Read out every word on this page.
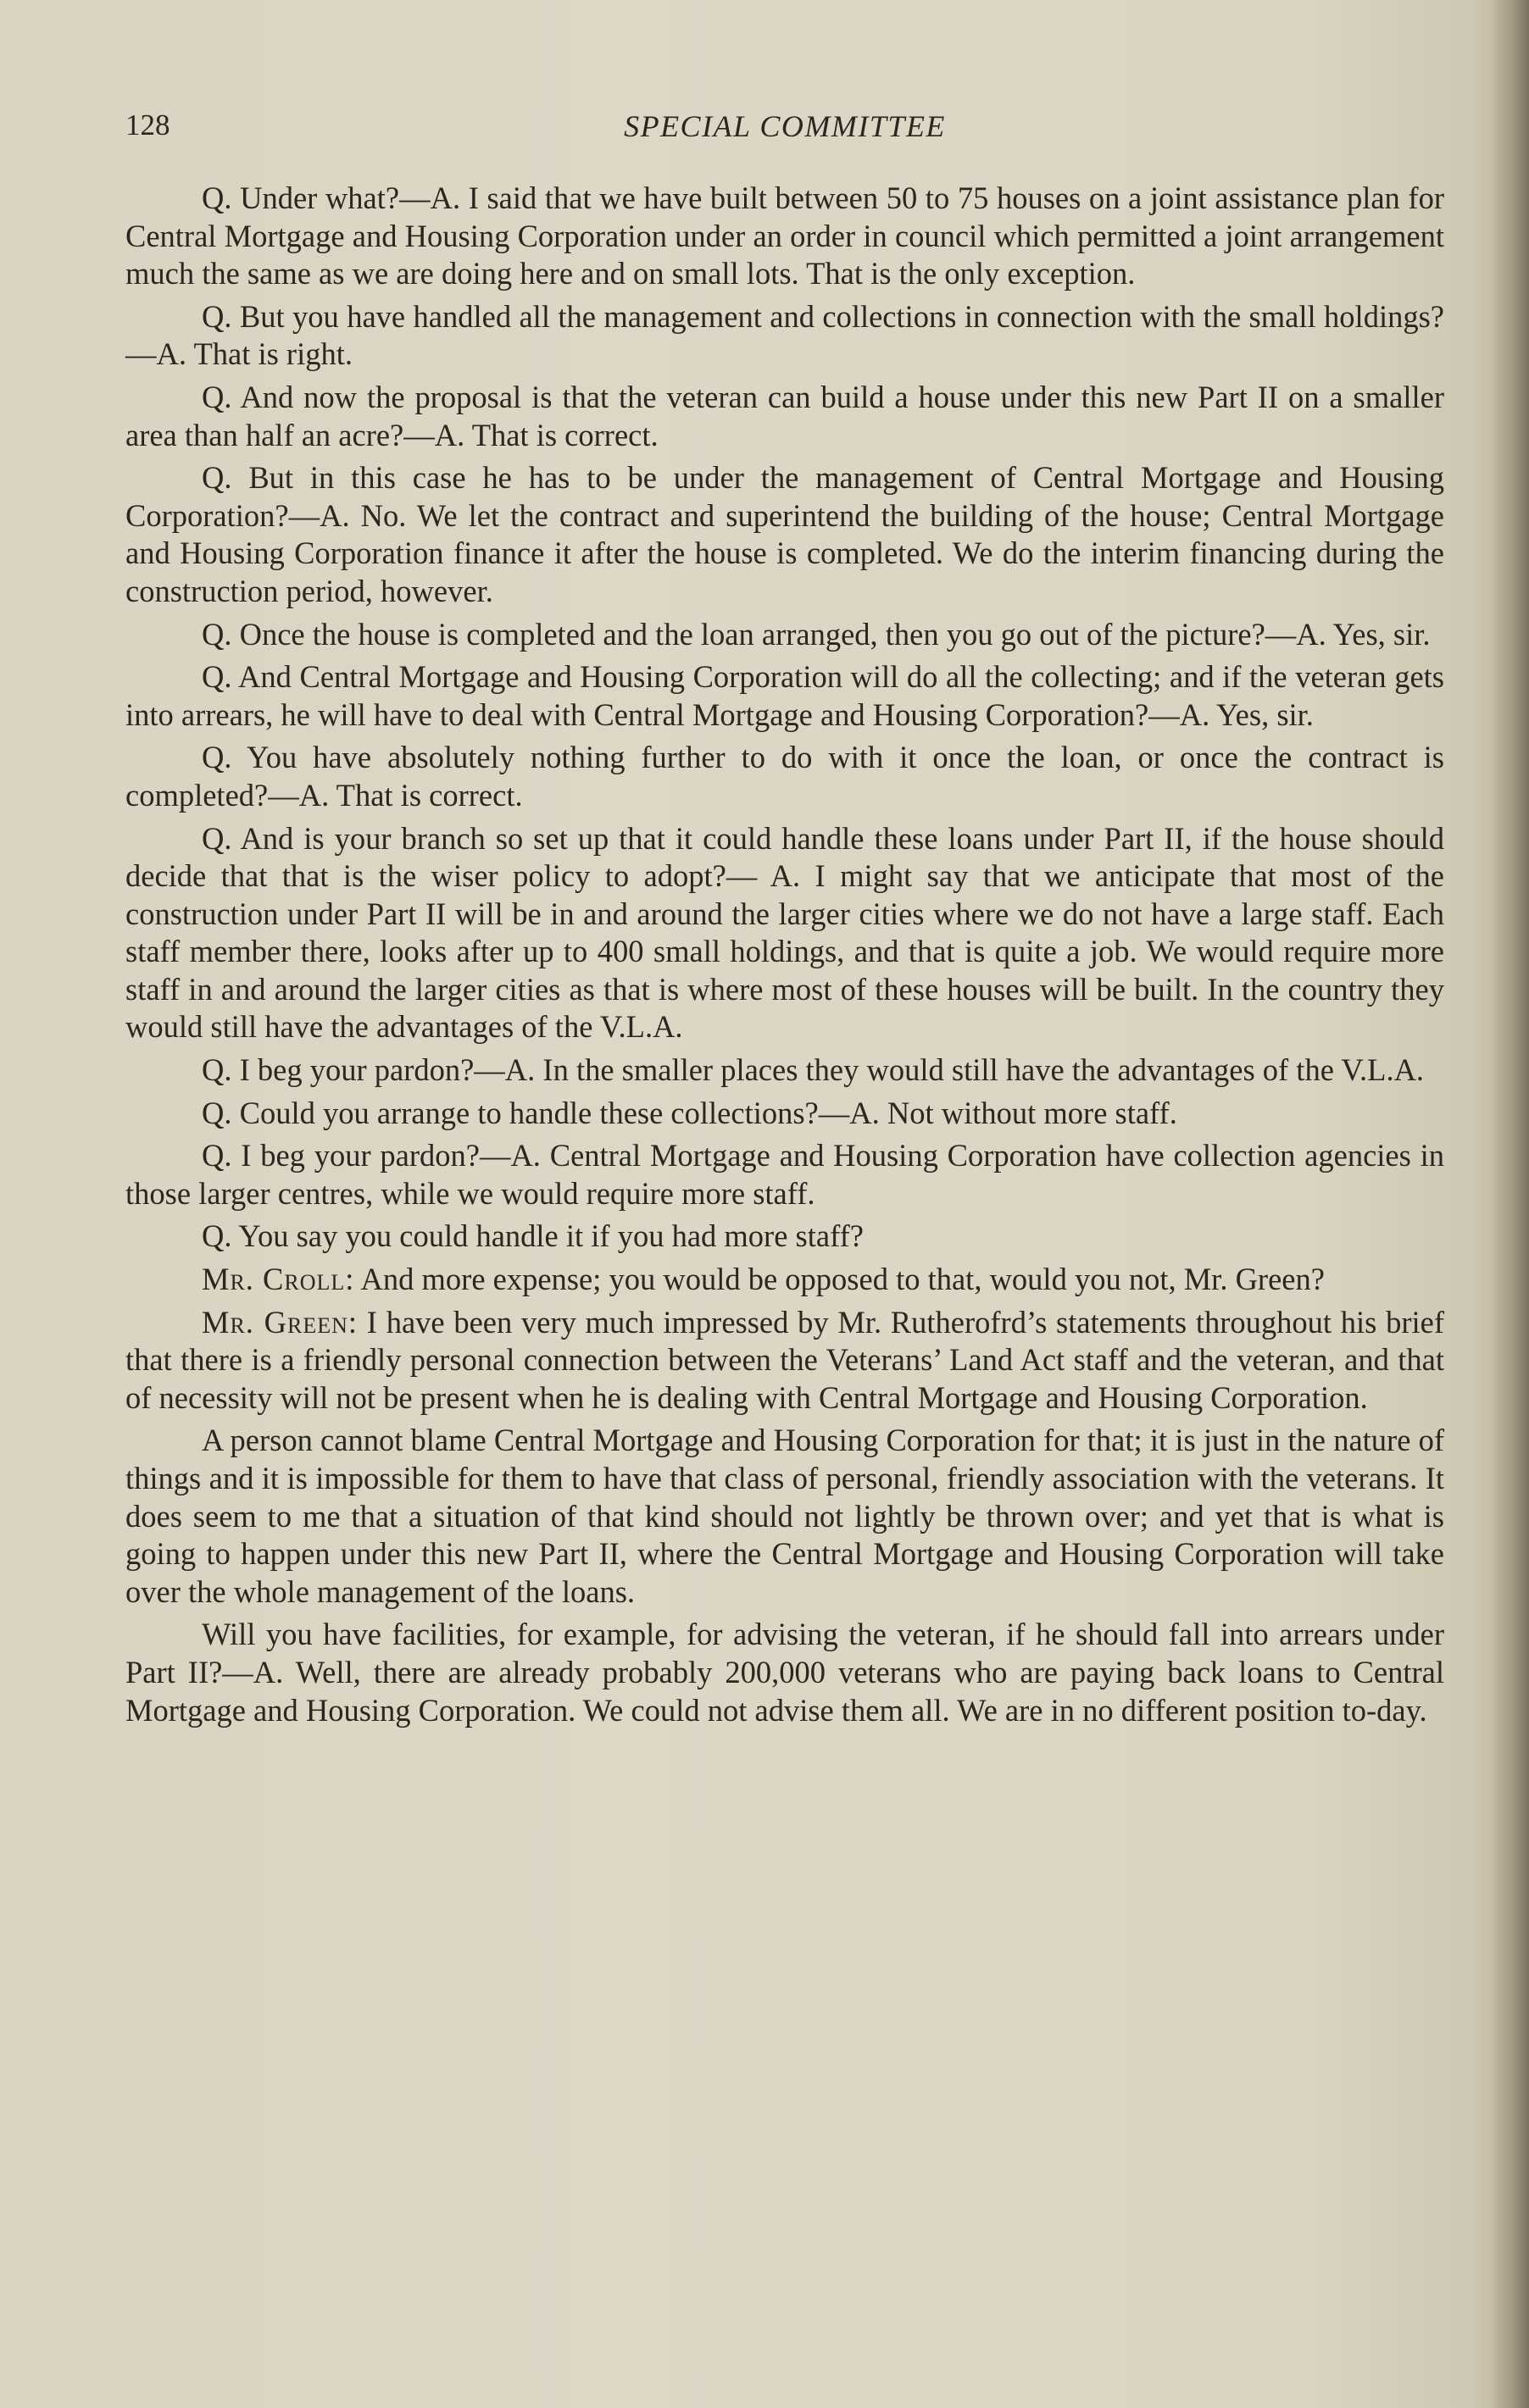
128	SPECIAL COMMITTEE

Q. Under what?—A. I said that we have built between 50 to 75 houses on a joint assistance plan for Central Mortgage and Housing Corporation under an order in council which permitted a joint arrangement much the same as we are doing here and on small lots. That is the only exception.

Q. But you have handled all the management and collections in connection with the small holdings?—A. That is right.

Q. And now the proposal is that the veteran can build a house under this new Part II on a smaller area than half an acre?—A. That is correct.

Q. But in this case he has to be under the management of Central Mortgage and Housing Corporation?—A. No. We let the contract and superintend the building of the house; Central Mortgage and Housing Corporation finance it after the house is completed. We do the interim financing during the construction period, however.

Q. Once the house is completed and the loan arranged, then you go out of the picture?—A. Yes, sir.

Q. And Central Mortgage and Housing Corporation will do all the collecting; and if the veteran gets into arrears, he will have to deal with Central Mortgage and Housing Corporation?—A. Yes, sir.

Q. You have absolutely nothing further to do with it once the loan, or once the contract is completed?—A. That is correct.

Q. And is your branch so set up that it could handle these loans under Part II, if the house should decide that that is the wiser policy to adopt?— A. I might say that we anticipate that most of the construction under Part II will be in and around the larger cities where we do not have a large staff. Each staff member there, looks after up to 400 small holdings, and that is quite a job. We would require more staff in and around the larger cities as that is where most of these houses will be built. In the country they would still have the advantages of the V.L.A.

Q. I beg your pardon?—A. In the smaller places they would still have the advantages of the V.L.A.

Q. Could you arrange to handle these collections?—A. Not without more staff.

Q. I beg your pardon?—A. Central Mortgage and Housing Corporation have collection agencies in those larger centres, while we would require more staff.

Q. You say you could handle it if you had more staff?

Mr. Croll: And more expense; you would be opposed to that, would you not, Mr. Green?

Mr. Green: I have been very much impressed by Mr. Rutherofrd’s statements throughout his brief that there is a friendly personal connection between the Veterans’ Land Act staff and the veteran, and that of necessity will not be present when he is dealing with Central Mortgage and Housing Corporation.

A person cannot blame Central Mortgage and Housing Corporation for that; it is just in the nature of things and it is impossible for them to have that class of personal, friendly association with the veterans. It does seem to me that a situation of that kind should not lightly be thrown over; and yet that is what is going to happen under this new Part II, where the Central Mortgage and Housing Corporation will take over the whole management of the loans.

Will you have facilities, for example, for advising the veteran, if he should fall into arrears under Part II?—A. Well, there are already probably 200,000 veterans who are paying back loans to Central Mortgage and Housing Corporation. We could not advise them all. We are in no different position to-day.
